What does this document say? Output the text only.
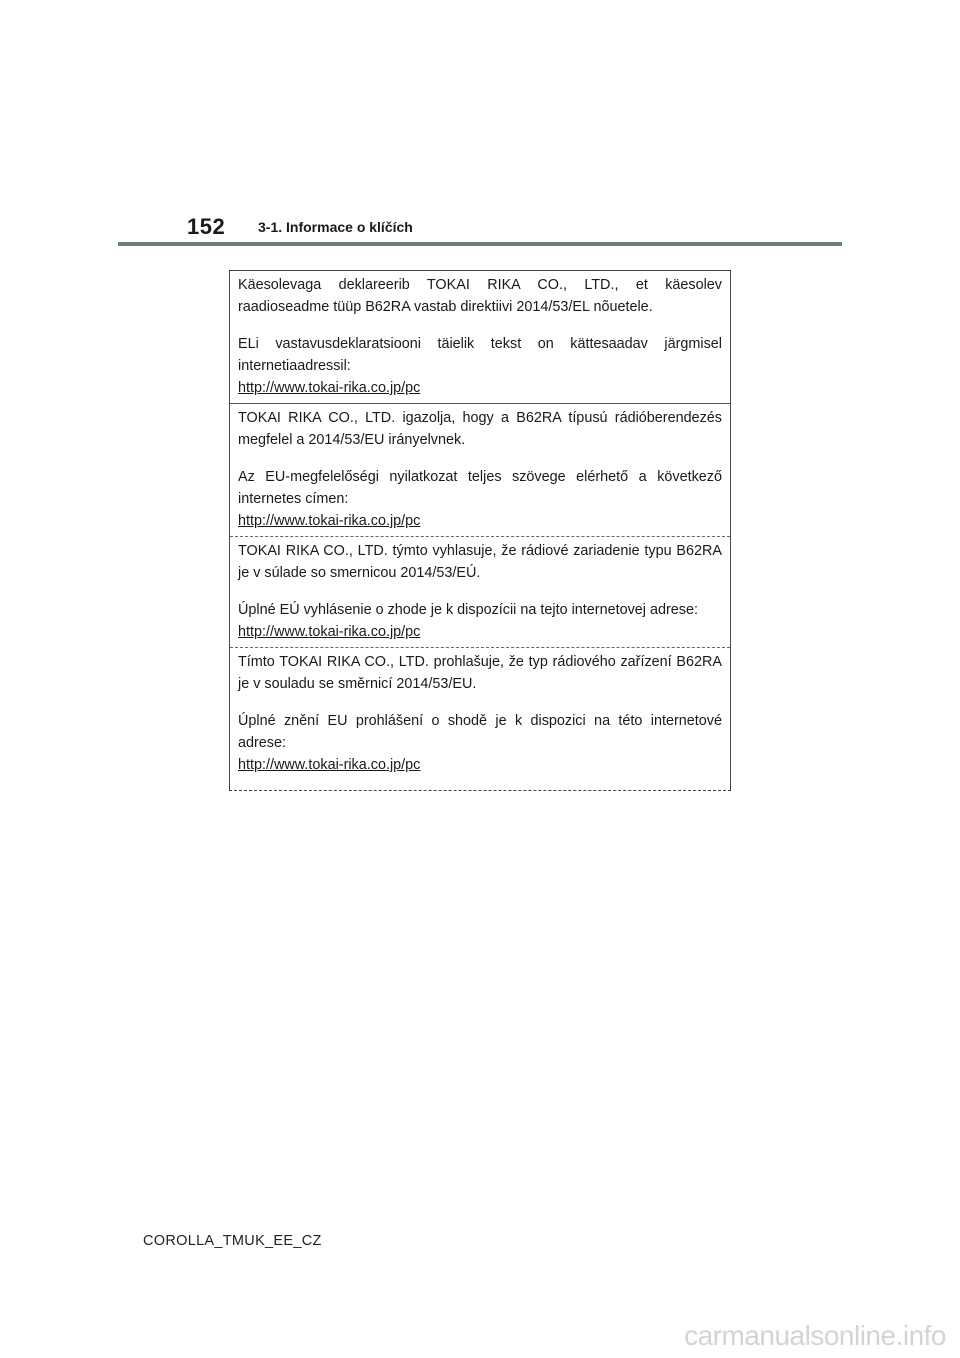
152 3-1. Informace o klíčích

Käesolevaga deklareerib TOKAI RIKA CO., LTD., et käesolev raadioseadme tüüp B62RA vastab direktiivi 2014/53/EL nõuetele.

ELi vastavusdeklaratsiooni täielik tekst on kättesaadav järgmisel internetiaadressil:

http://www.tokai-rika.co.jp/pc

TOKAI RIKA CO., LTD. igazolja, hogy a B62RA típusú rádióberendezés megfelel a 2014/53/EU irányelvnek.

Az EU-megfelelőségi nyilatkozat teljes szövege elérhető a következő internetes címen:

http://www.tokai-rika.co.jp/pc

TOKAI RIKA CO., LTD. týmto vyhlasuje, že rádiové zariadenie typu B62RA je v súlade so smernicou 2014/53/EÚ.

Úplné EÚ vyhlásenie o zhode je k dispozícii na tejto internetovej adrese:

http://www.tokai-rika.co.jp/pc

Tímto TOKAI RIKA CO., LTD. prohlašuje, že typ rádiového zařízení B62RA je v souladu se směrnicí 2014/53/EU.

Úplné znění EU prohlášení o shodě je k dispozici na této internetové adrese:

http://www.tokai-rika.co.jp/pc
COROLLA_TMUK_EE_CZ
carmanualsonline.info
